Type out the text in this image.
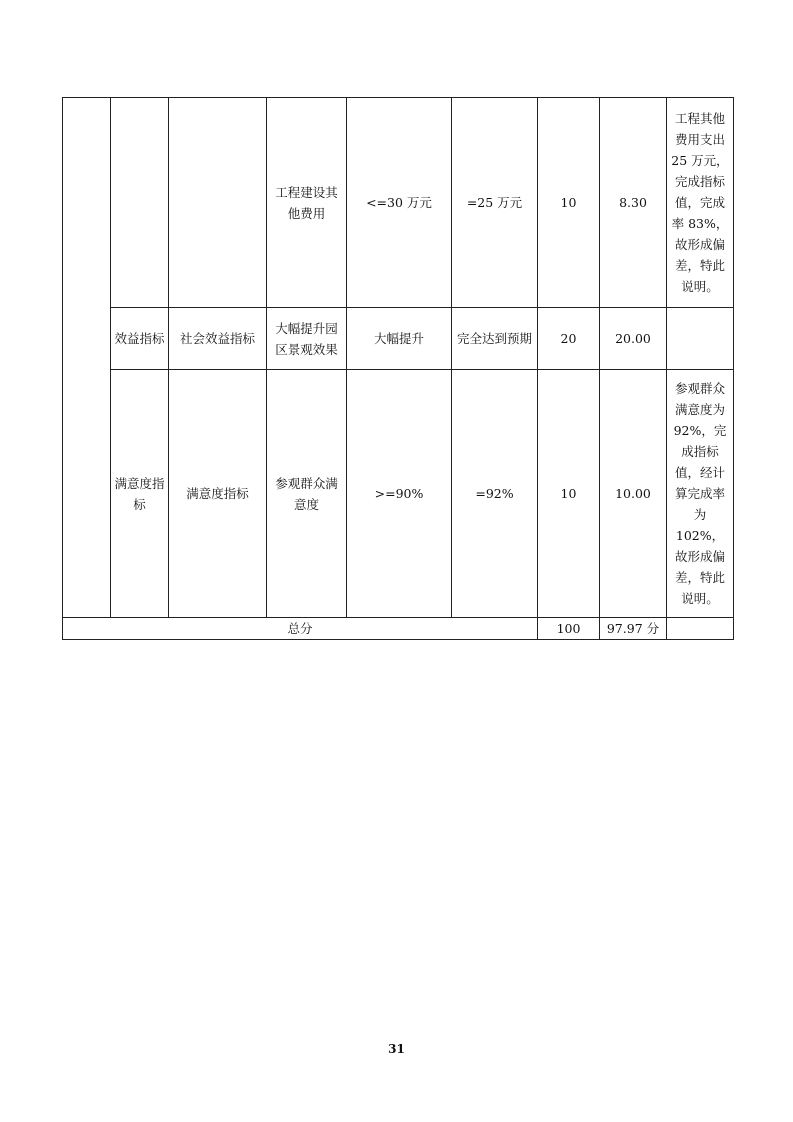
			工程建设其他费用	<=30 万元	=25 万元	10	8.30	工程其他费用支出 25 万元，完成指标值，完成率 83%，故形成偏差，特此说明。
	效益指标	社会效益指标	大幅提升园区景观效果	大幅提升	完全达到预期	20	20.00	
	满意度指标	满意度指标	参观群众满意度	>=90%	=92%	10	10.00	参观群众满意度为 92%，完成指标值，经计算完成率为 102%，故形成偏差，特此说明。
总分						100	97.97 分	
31
